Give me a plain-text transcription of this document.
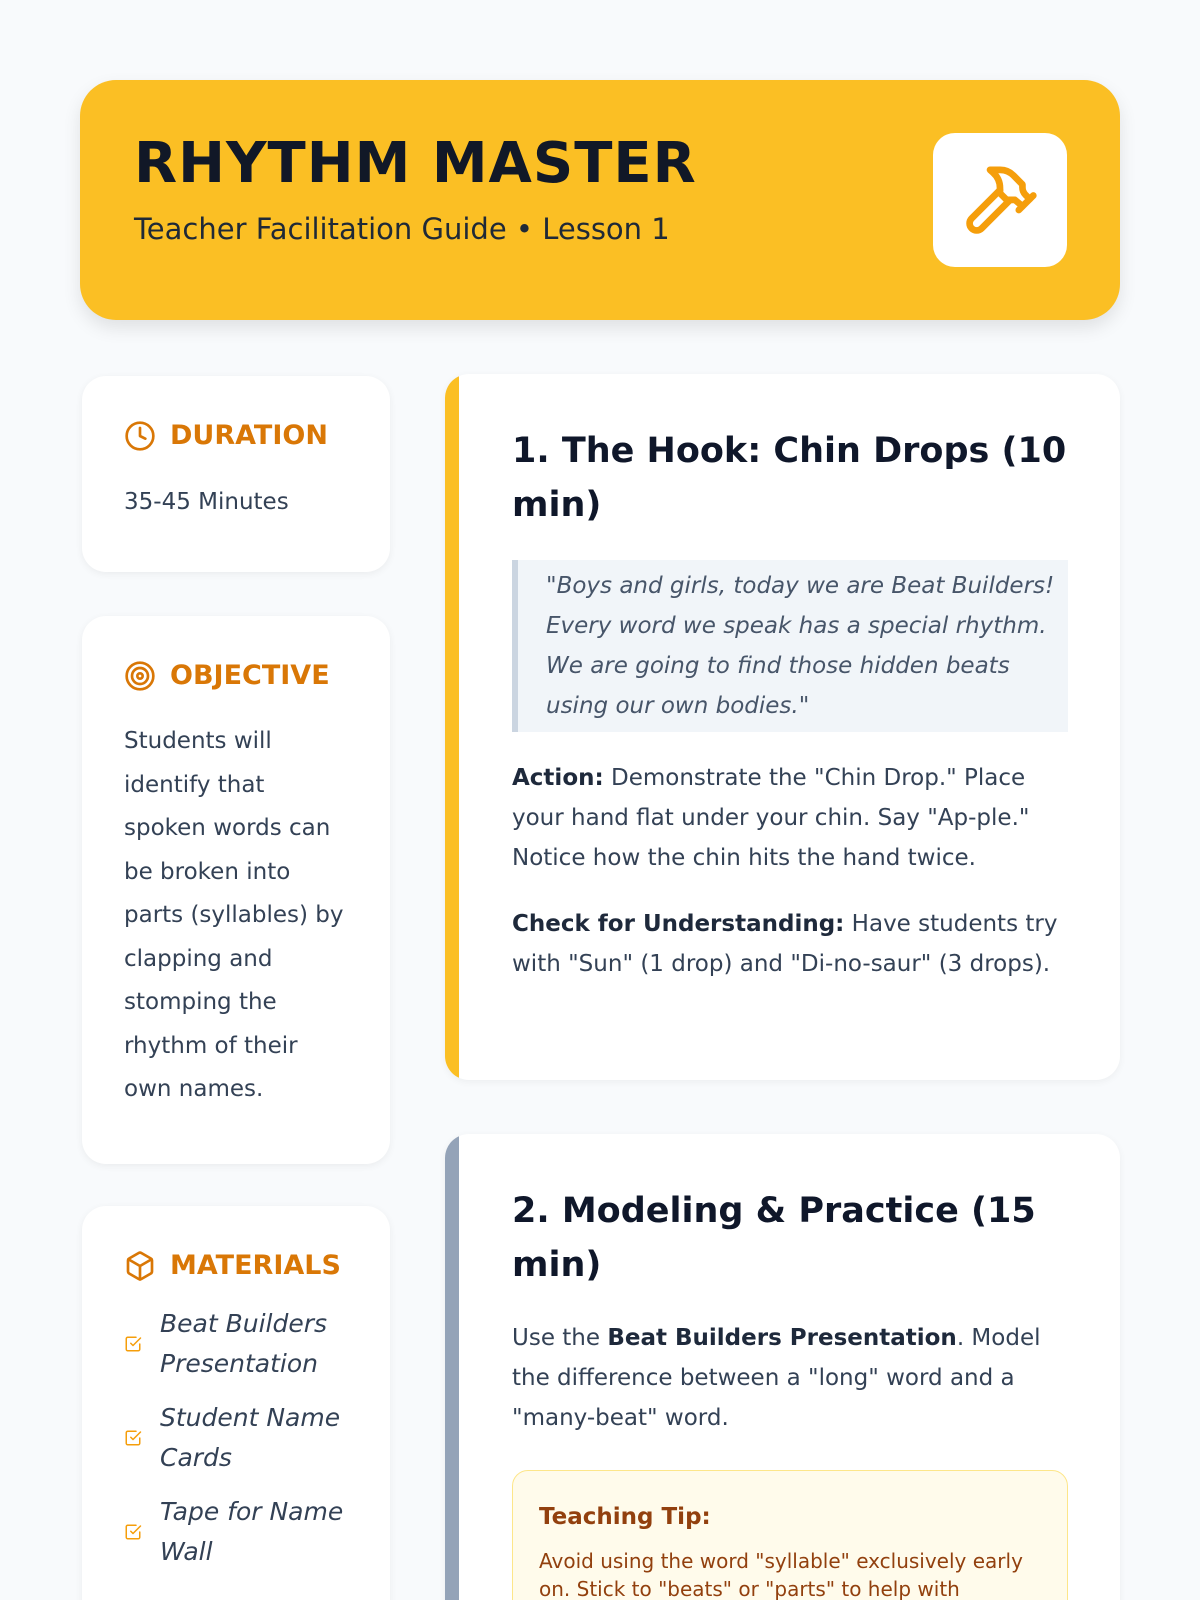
RHYTHM MASTER
Teacher Facilitation Guide • Lesson 1
DURATION
35-45 Minutes
OBJECTIVE
Students will identify that spoken words can be broken into parts (syllables) by clapping and stomping the rhythm of their own names.
MATERIALS
Beat Builders Presentation
Student Name Cards
Tape for Name Wall
1. The Hook: Chin Drops (10 min)
"Boys and girls, today we are Beat Builders! Every word we speak has a special rhythm. We are going to find those hidden beats using our own bodies."

Action: Demonstrate the "Chin Drop." Place your hand flat under your chin. Say "Ap-ple." Notice how the chin hits the hand twice.

Check for Understanding: Have students try with "Sun" (1 drop) and "Di-no-saur" (3 drops).

2. Modeling & Practice (15 min)

Use the Beat Builders Presentation. Model the difference between a "long" word and a "many-beat" word.

Teaching Tip:
Avoid using the word "syllable" exclusively early on. Stick to "beats" or "parts" to help with
